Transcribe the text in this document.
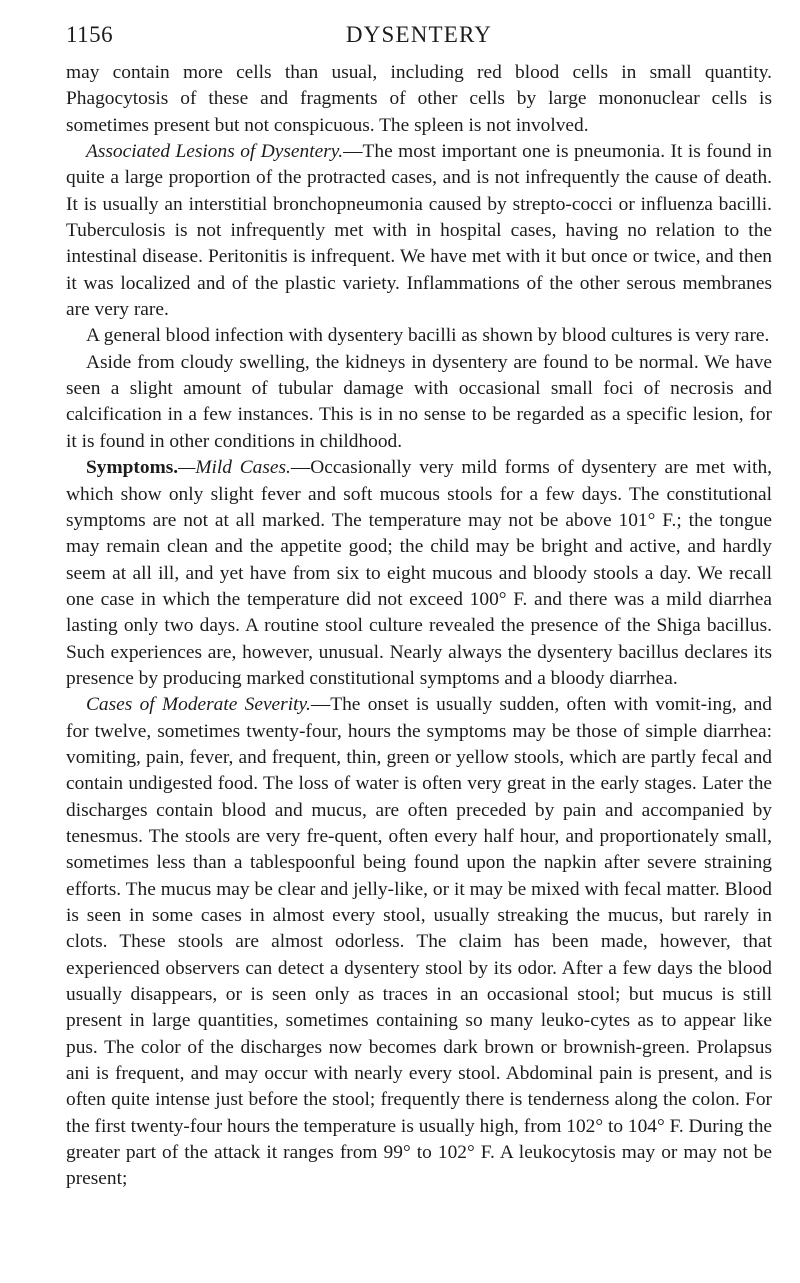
1156	DYSENTERY

may contain more cells than usual, including red blood cells in small quantity. Phagocytosis of these and fragments of other cells by large mononuclear cells is sometimes present but not conspicuous. The spleen is not involved.

Associated Lesions of Dysentery.—The most important one is pneumonia. It is found in quite a large proportion of the protracted cases, and is not infrequently the cause of death. It is usually an interstitial bronchopneumonia caused by strepto-cocci or influenza bacilli. Tuberculosis is not infrequently met with in hospital cases, having no relation to the intestinal disease. Peritonitis is infrequent. We have met with it but once or twice, and then it was localized and of the plastic variety. Inflammations of the other serous membranes are very rare.

A general blood infection with dysentery bacilli as shown by blood cultures is very rare.

Aside from cloudy swelling, the kidneys in dysentery are found to be normal. We have seen a slight amount of tubular damage with occasional small foci of necrosis and calcification in a few instances. This is in no sense to be regarded as a specific lesion, for it is found in other conditions in childhood.

Symptoms.—Mild Cases.—Occasionally very mild forms of dysentery are met with, which show only slight fever and soft mucous stools for a few days. The constitutional symptoms are not at all marked. The temperature may not be above 101° F.; the tongue may remain clean and the appetite good; the child may be bright and active, and hardly seem at all ill, and yet have from six to eight mucous and bloody stools a day. We recall one case in which the temperature did not exceed 100° F. and there was a mild diarrhea lasting only two days. A routine stool culture revealed the presence of the Shiga bacillus. Such experiences are, however, unusual. Nearly always the dysentery bacillus declares its presence by producing marked constitutional symptoms and a bloody diarrhea.

Cases of Moderate Severity.—The onset is usually sudden, often with vomit-ing, and for twelve, sometimes twenty-four, hours the symptoms may be those of simple diarrhea: vomiting, pain, fever, and frequent, thin, green or yellow stools, which are partly fecal and contain undigested food. The loss of water is often very great in the early stages. Later the discharges contain blood and mucus, are often preceded by pain and accompanied by tenesmus. The stools are very fre-quent, often every half hour, and proportionately small, sometimes less than a tablespoonful being found upon the napkin after severe straining efforts. The mucus may be clear and jelly-like, or it may be mixed with fecal matter. Blood is seen in some cases in almost every stool, usually streaking the mucus, but rarely in clots. These stools are almost odorless. The claim has been made, however, that experienced observers can detect a dysentery stool by its odor. After a few days the blood usually disappears, or is seen only as traces in an occasional stool; but mucus is still present in large quantities, sometimes containing so many leuko-cytes as to appear like pus. The color of the discharges now becomes dark brown or brownish-green. Prolapsus ani is frequent, and may occur with nearly every stool. Abdominal pain is present, and is often quite intense just before the stool; frequently there is tenderness along the colon. For the first twenty-four hours the temperature is usually high, from 102° to 104° F. During the greater part of the attack it ranges from 99° to 102° F. A leukocytosis may or may not be present;
